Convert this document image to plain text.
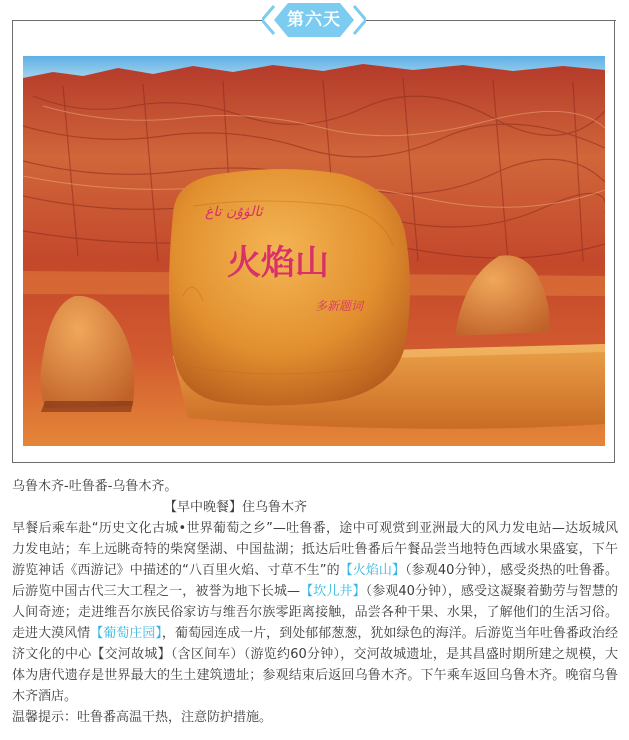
第六天
ئالۋۇن تاغ
火焰山
多新题词

乌鲁木齐-吐鲁番-乌鲁木齐。

【早中晚餐】住乌鲁木齐

早餐后乘车赴“历史文化古城•世界葡萄之乡”—吐鲁番，途中可观赏到亚洲最大的风力发电站—达坂城风力发电站；车上远眺奇特的柴窝堡湖、中国盐湖；抵达后吐鲁番后午餐品尝当地特色西域水果盛宴，下午游览神话《西游记》中描述的“八百里火焰、寸草不生”的【火焰山】（参观40分钟），感受炎热的吐鲁番。后游览中国古代三大工程之一，被誉为地下长城—【坎儿井】（参观40分钟），感受这凝聚着勤劳与智慧的人间奇迹；走进维吾尔族民俗家访与维吾尔族零距离接触，品尝各种干果、水果，了解他们的生活习俗。走进大漠风情【葡萄庄园】，葡萄园连成一片，到处郁郁葱葱，犹如绿色的海洋。后游览当年吐鲁番政治经济文化的中心【交河故城】（含区间车）（游览约60分钟），交河故城遗址，是其昌盛时期所建之规模，大体为唐代遗存是世界最大的生土建筑遗址；参观结束后返回乌鲁木齐。下午乘车返回乌鲁木齐。晚宿乌鲁木齐酒店。

温馨提示：吐鲁番高温干热，注意防护措施。
